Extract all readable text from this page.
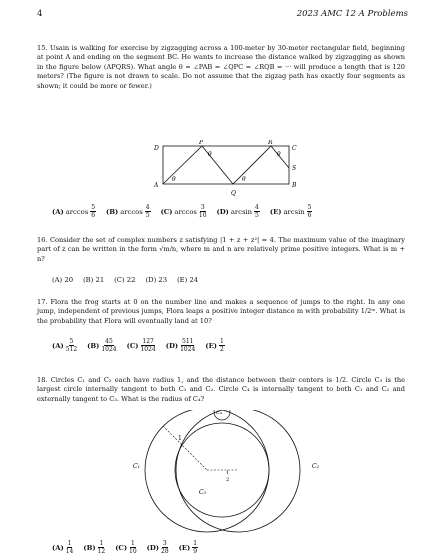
4	2023 AMC 12 A Problems
15. Usain is walking for exercise by zigzagging across a 100-meter by 30-meter rectangular field, beginning at point A and ending on the segment BC. He wants to increase the distance walked by zigzagging as shown in the figure below (APQRS). What angle θ = ∠PAB = ∠QPC = ∠RQB = ··· will produce a length that is 120 meters? (The figure is not drawn to scale. Do not assume that the zigzag path has exactly four segments as shown; it could be more or fewer.)
D
P	R
C
A
Q
S
B
θ
θ
θ
θ
(A) $\arccos \frac{5}{6} (B)$ $\arccos \frac{4}{5} (C)$ $\arccos \frac{3}{10} (D)$ $\arcsin \frac{4}{5} (E)$ $\arcsin \frac{5}{6}$
16. Consider the set of complex numbers z satisfying |1 + z + z²| = 4. The maximum value of the imaginary part of z can be written in the form √m/n, where m and n are relatively prime positive integers. What is m + n?
(A) 20 (B) 21 (C) 22 (D) 23 (E) 24
17. Flora the frog starts at 0 on the number line and makes a sequence of jumps to the right. In any one jump, independent of previous jumps, Flora leaps a positive integer distance m with probability 1/2ᵐ. What is the probability that Flora will eventually land at 10?
$(A) \frac{5}{512} (B) \frac{45}{1024} (C) \frac{127}{1024} (D) \frac{511}{1024} (E) \frac{1}{2}$
18. Circles C₁ and C₂ each have radius 1, and the distance between their centers is 1/2. Circle C₃ is the largest circle internally tangent to both C₁ and C₂. Circle C₄ is internally tangent to both C₁ and C₂ and externally tangent to C₃. What is the radius of C₄?
C₄
C₁	C₂
C₃
1
1
2
$(A) \frac{1}{14} (B) \frac{1}{12} (C) \frac{1}{10} (D) \frac{3}{28} (E) \frac{1}{9}$
